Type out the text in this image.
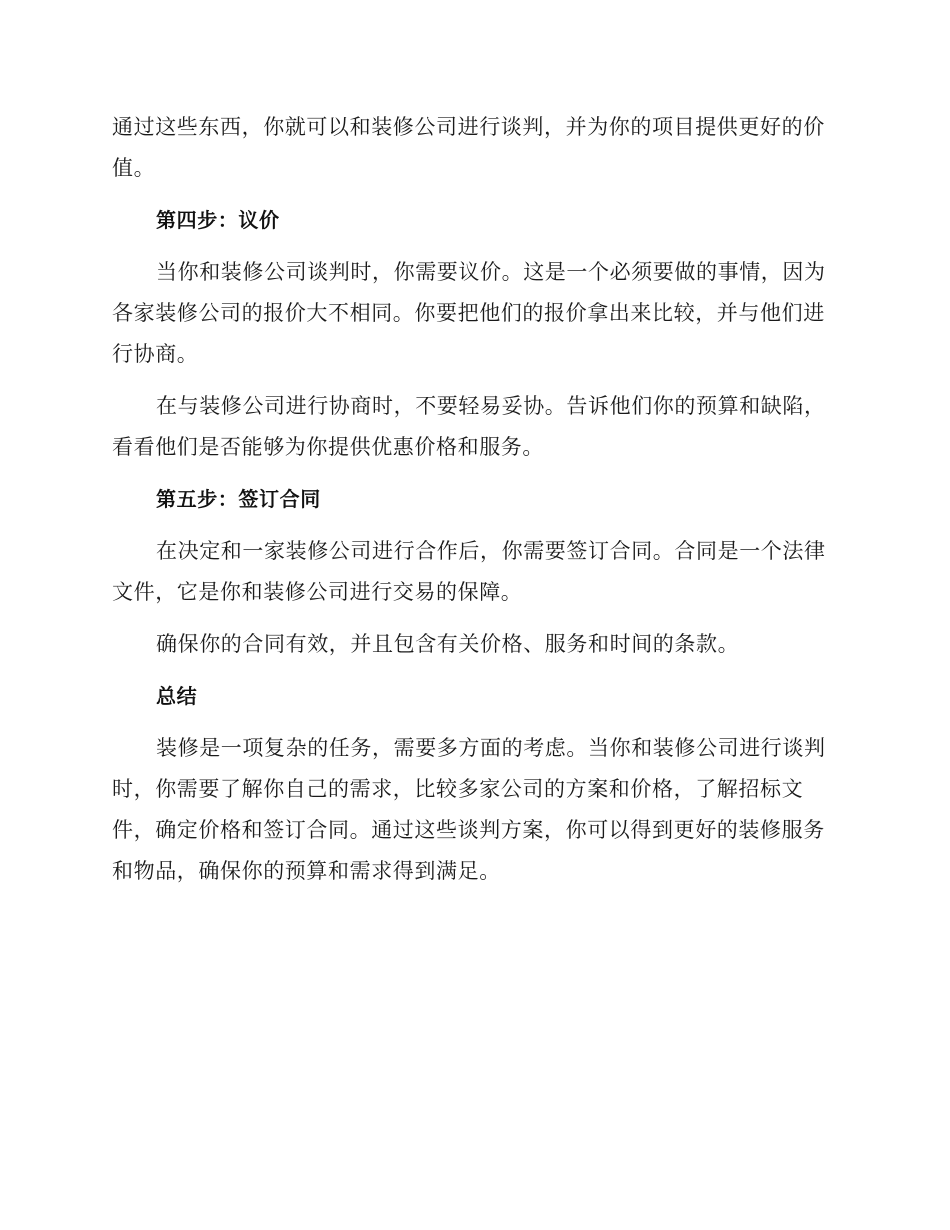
通过这些东西，你就可以和装修公司进行谈判，并为你的项目提供更好的价值。

第四步：议价

当你和装修公司谈判时，你需要议价。这是一个必须要做的事情，因为各家装修公司的报价大不相同。你要把他们的报价拿出来比较，并与他们进行协商。

在与装修公司进行协商时，不要轻易妥协。告诉他们你的预算和缺陷，看看他们是否能够为你提供优惠价格和服务。

第五步：签订合同

在决定和一家装修公司进行合作后，你需要签订合同。合同是一个法律文件，它是你和装修公司进行交易的保障。

确保你的合同有效，并且包含有关价格、服务和时间的条款。

总结

装修是一项复杂的任务，需要多方面的考虑。当你和装修公司进行谈判时，你需要了解你自己的需求，比较多家公司的方案和价格，了解招标文件，确定价格和签订合同。通过这些谈判方案，你可以得到更好的装修服务和物品，确保你的预算和需求得到满足。
